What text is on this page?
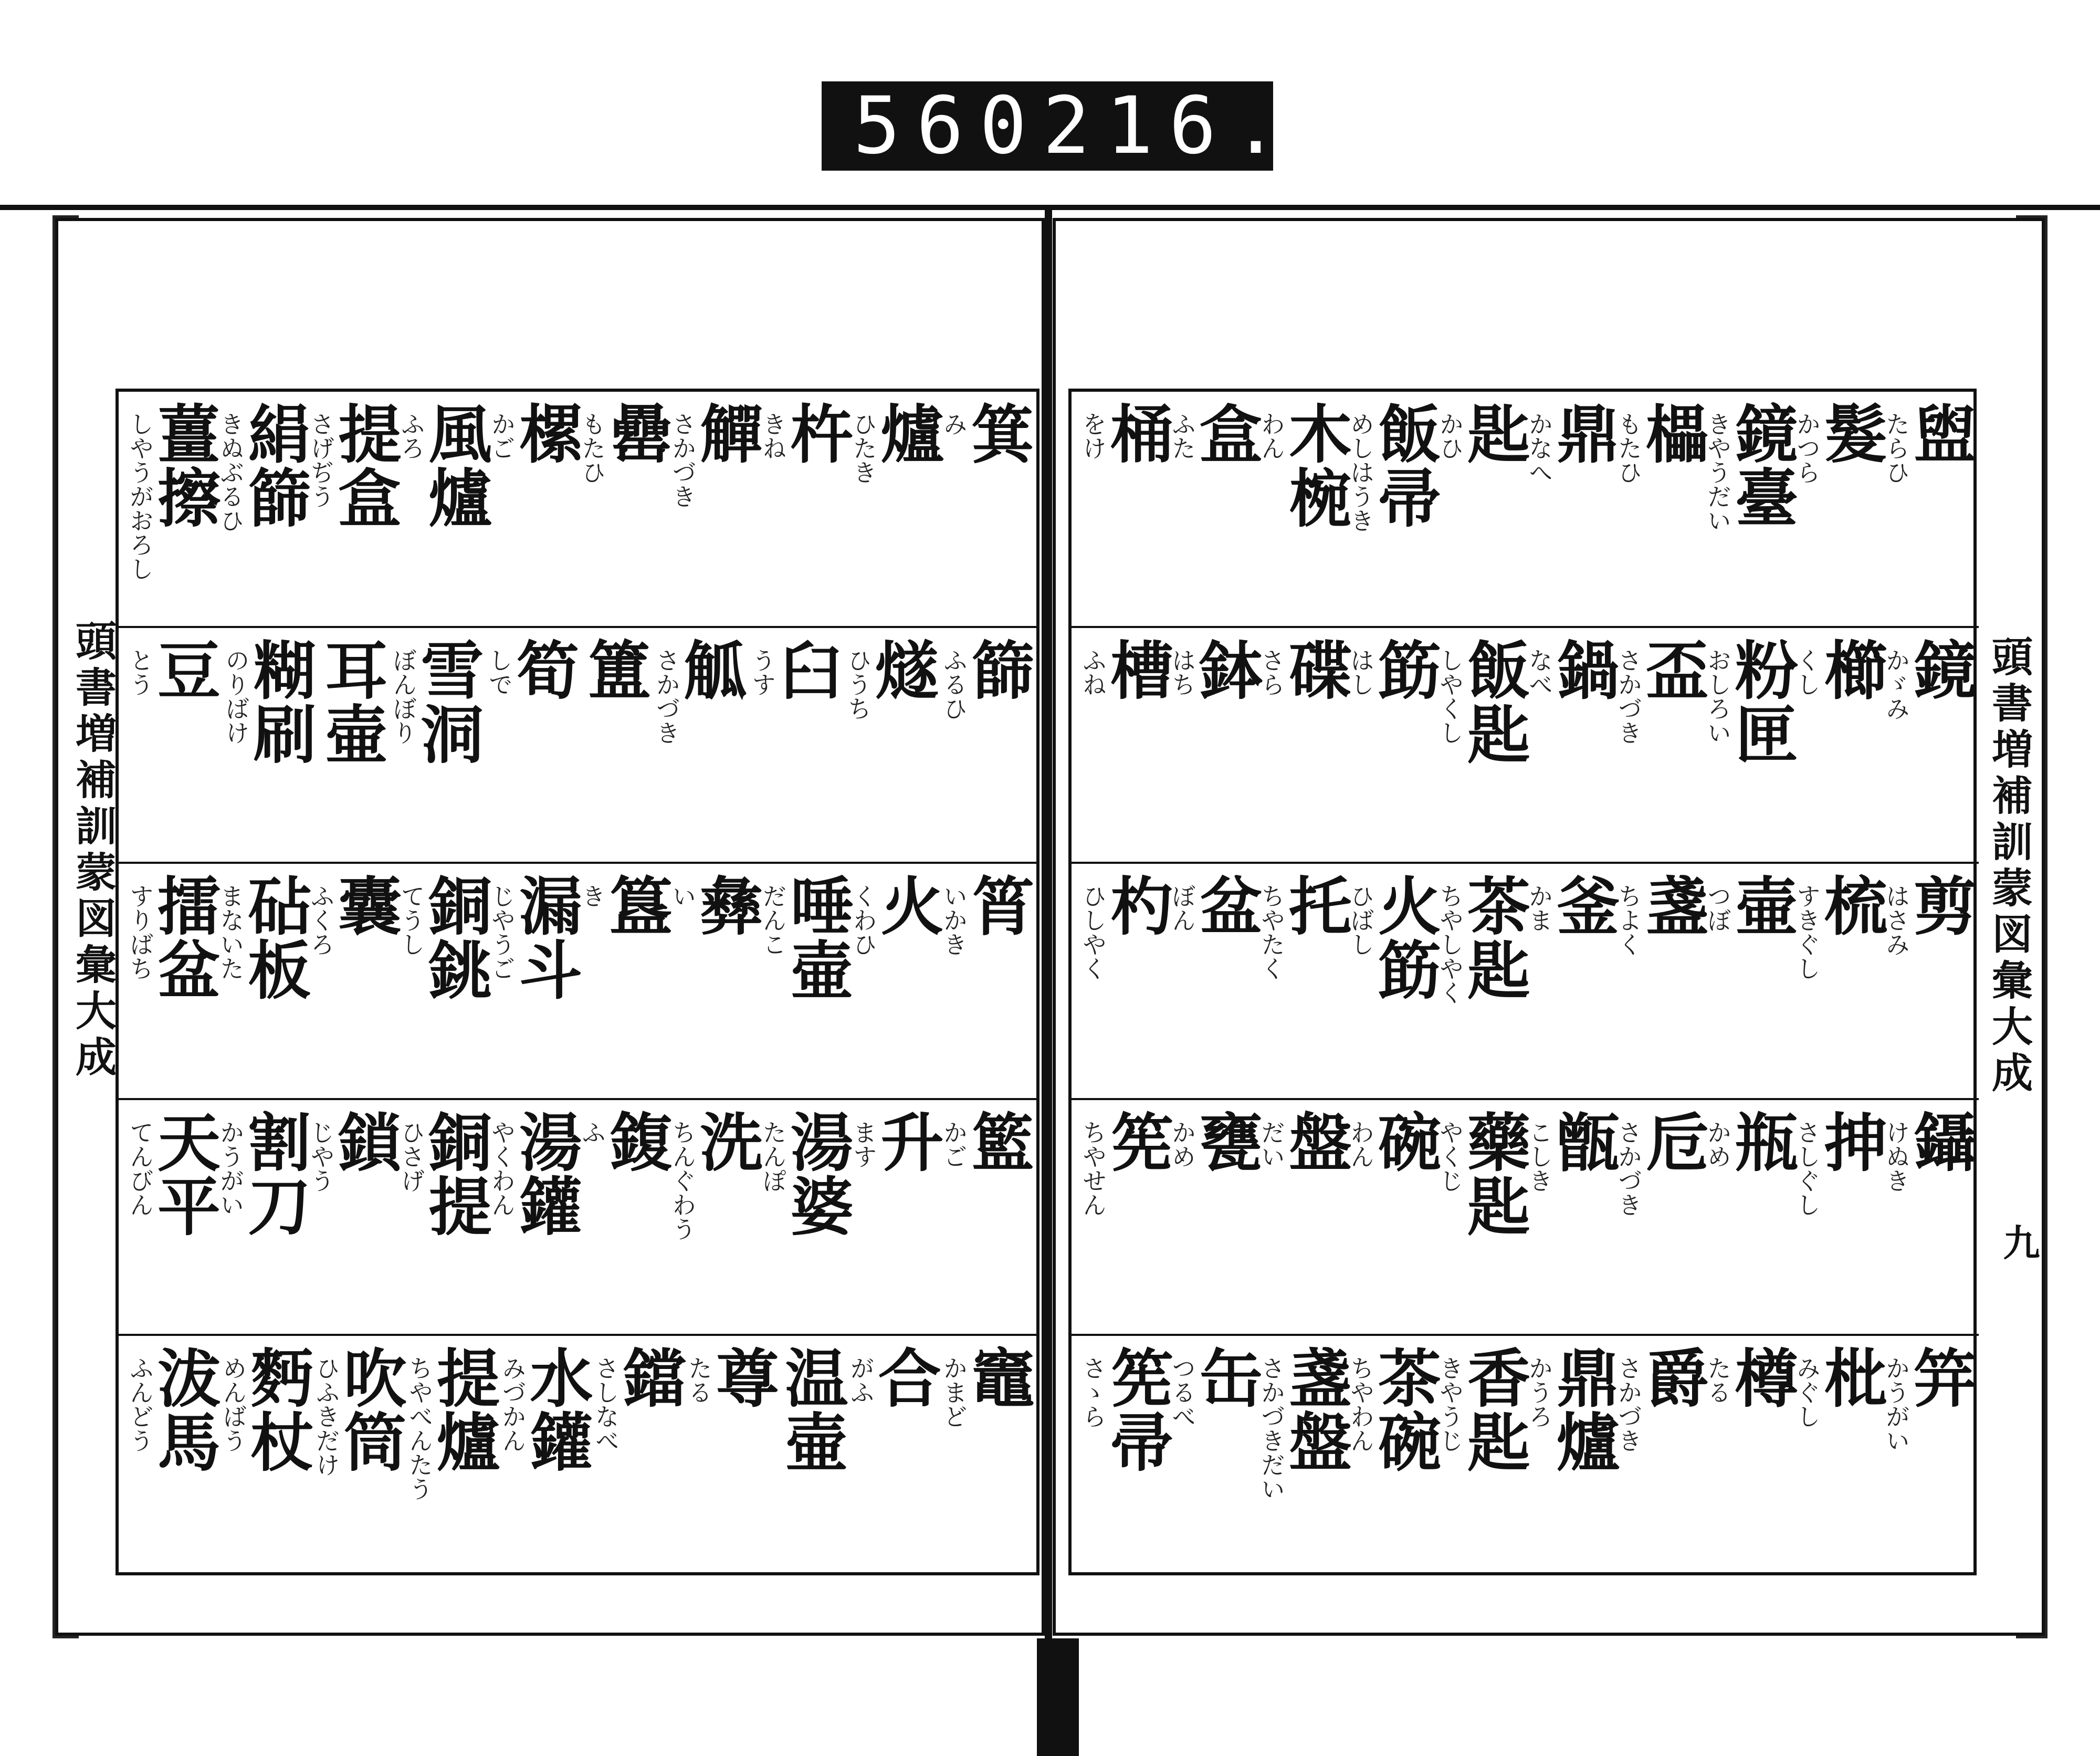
560 216.
頭書増補訓蒙図彙大成	頭書増補訓蒙図彙大成
九
箕
み
爐
ひたき
杵
きね
觶
さかづき
罍
もたひ
樏
かご
風爐
ふろ
提盒
さげぢう
絹篩
きぬぶるひ
薑擦
しやうがおろし
篩
ふるひ
燧
ひうち
臼
うす
觚
さかづき
簠
筍
しで
雪洞
ぼんぼり
耳壷
糊刷
のりばけ
豆
とう
筲
いかき
火
くわひ
唾壷
だんこ
彝
い
簋
き
漏斗
じやうご
銅銚
てうし
囊
ふくろ
砧板
まないた
擂盆
すりばち
籃
かご
升
ます
湯婆
たんぽ
洗
ちんぐわう
鍑
ふ
湯鑵
やくわん
銅提
ひさげ
鎖
じやう
割刀
かうがい
天平
てんびん
竈
かまど
合
がふ
温壷
尊
たる
鐺
さしなべ
水鑵
みづかん
提爐
ちやべんたう
吹筒
ひふきだけ
麪杖
めんばう
沷馬
ふんどう
盥
たらひ
髮
かつら
鏡臺
きやうだい
櫑
もたひ
鼎
かなへ
匙
かひ
飯帚
めしはうき
木椀
わん
盒
ふた
桶
をけ
鏡
かゞみ
櫛
くし
粉匣
おしろい
盃
さかづき
鍋
なべ
飯匙
しやくし
筯
はし
碟
さら
鉢
はち
槽
ふね
剪
はさみ
梳
すきぐし
壷
つぼ
盞
ちよく
釜
かま
茶匙
ちやしやく
火筯
ひばし
托
ちやたく
盆
ぼん
杓
ひしやく
鑷
けぬき
抻
さしぐし
瓶
かめ
卮
さかづき
甑
こしき
藥匙
やくじ
碗
わん
盤
だい
甕
かめ
筅
ちやせん
笄
かうがい
枇
みぐし
樽
たる
爵
さかづき
鼎爐
かうろ
香匙
きやうじ
茶碗
ちやわん
盞盤
さかづきだい
缶
つるべ
筅帚
さゝら
